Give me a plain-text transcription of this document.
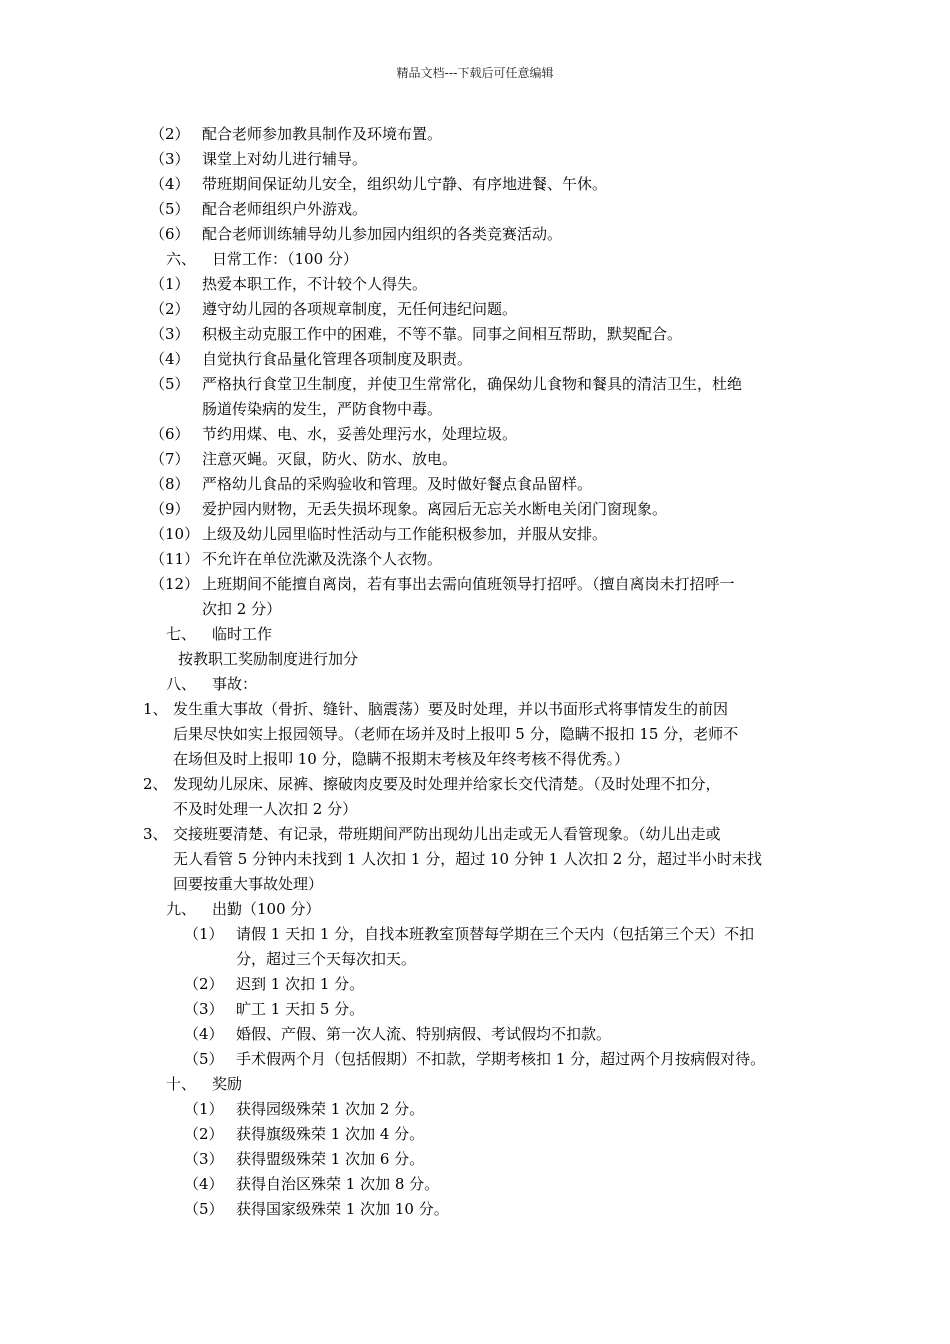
精品文档---下载后可任意编辑
（2） 配合老师参加教具制作及环境布置。
（3） 课堂上对幼儿进行辅导。
（4） 带班期间保证幼儿安全，组织幼儿宁静、有序地进餐、午休。
（5） 配合老师组织户外游戏。
（6） 配合老师训练辅导幼儿参加园内组织的各类竞赛活动。
六、 日常工作：（100 分）
（1） 热爱本职工作，不计较个人得失。
（2） 遵守幼儿园的各项规章制度，无任何违纪问题。
（3） 积极主动克服工作中的困难，不等不靠。同事之间相互帮助，默契配合。
（4） 自觉执行食品量化管理各项制度及职责。
（5） 严格执行食堂卫生制度，并使卫生常常化，确保幼儿食物和餐具的清洁卫生，杜绝
肠道传染病的发生，严防食物中毒。
（6） 节约用煤、电、水，妥善处理污水，处理垃圾。
（7） 注意灭蝇。灭鼠，防火、防水、放电。
（8） 严格幼儿食品的采购验收和管理。及时做好餐点食品留样。
（9） 爱护园内财物，无丢失损坏现象。离园后无忘关水断电关闭门窗现象。
（10） 上级及幼儿园里临时性活动与工作能积极参加，并服从安排。
（11） 不允许在单位洗漱及洗涤个人衣物。
（12） 上班期间不能擅自离岗，若有事出去需向值班领导打招呼。（擅自离岗未打招呼一
次扣 2 分）
七、 临时工作
按教职工奖励制度进行加分
八、 事故：
1、 发生重大事故（骨折、缝针、脑震荡）要及时处理，并以书面形式将事情发生的前因
后果尽快如实上报园领导。（老师在场并及时上报叩 5 分，隐瞒不报扣 15 分，老师不
在场但及时上报叩 10 分，隐瞒不报期末考核及年终考核不得优秀。）
2、 发现幼儿尿床、尿裤、擦破肉皮要及时处理并给家长交代清楚。（及时处理不扣分，
不及时处理一人次扣 2 分）
3、 交接班要清楚、有记录，带班期间严防出现幼儿出走或无人看管现象。（幼儿出走或
无人看管 5 分钟内未找到 1 人次扣 1 分，超过 10 分钟 1 人次扣 2 分，超过半小时未找
回要按重大事故处理）
九、 出勤（100 分）
（1） 请假 1 天扣 1 分，自找本班教室顶替每学期在三个天内（包括第三个天）不扣
分，超过三个天每次扣天。
（2） 迟到 1 次扣 1 分。
（3） 旷工 1 天扣 5 分。
（4） 婚假、产假、第一次人流、特别病假、考试假均不扣款。
（5） 手术假两个月（包括假期）不扣款，学期考核扣 1 分，超过两个月按病假对待。
十、 奖励
（1） 获得园级殊荣 1 次加 2 分。
（2） 获得旗级殊荣 1 次加 4 分。
（3） 获得盟级殊荣 1 次加 6 分。
（4） 获得自治区殊荣 1 次加 8 分。
（5） 获得国家级殊荣 1 次加 10 分。
